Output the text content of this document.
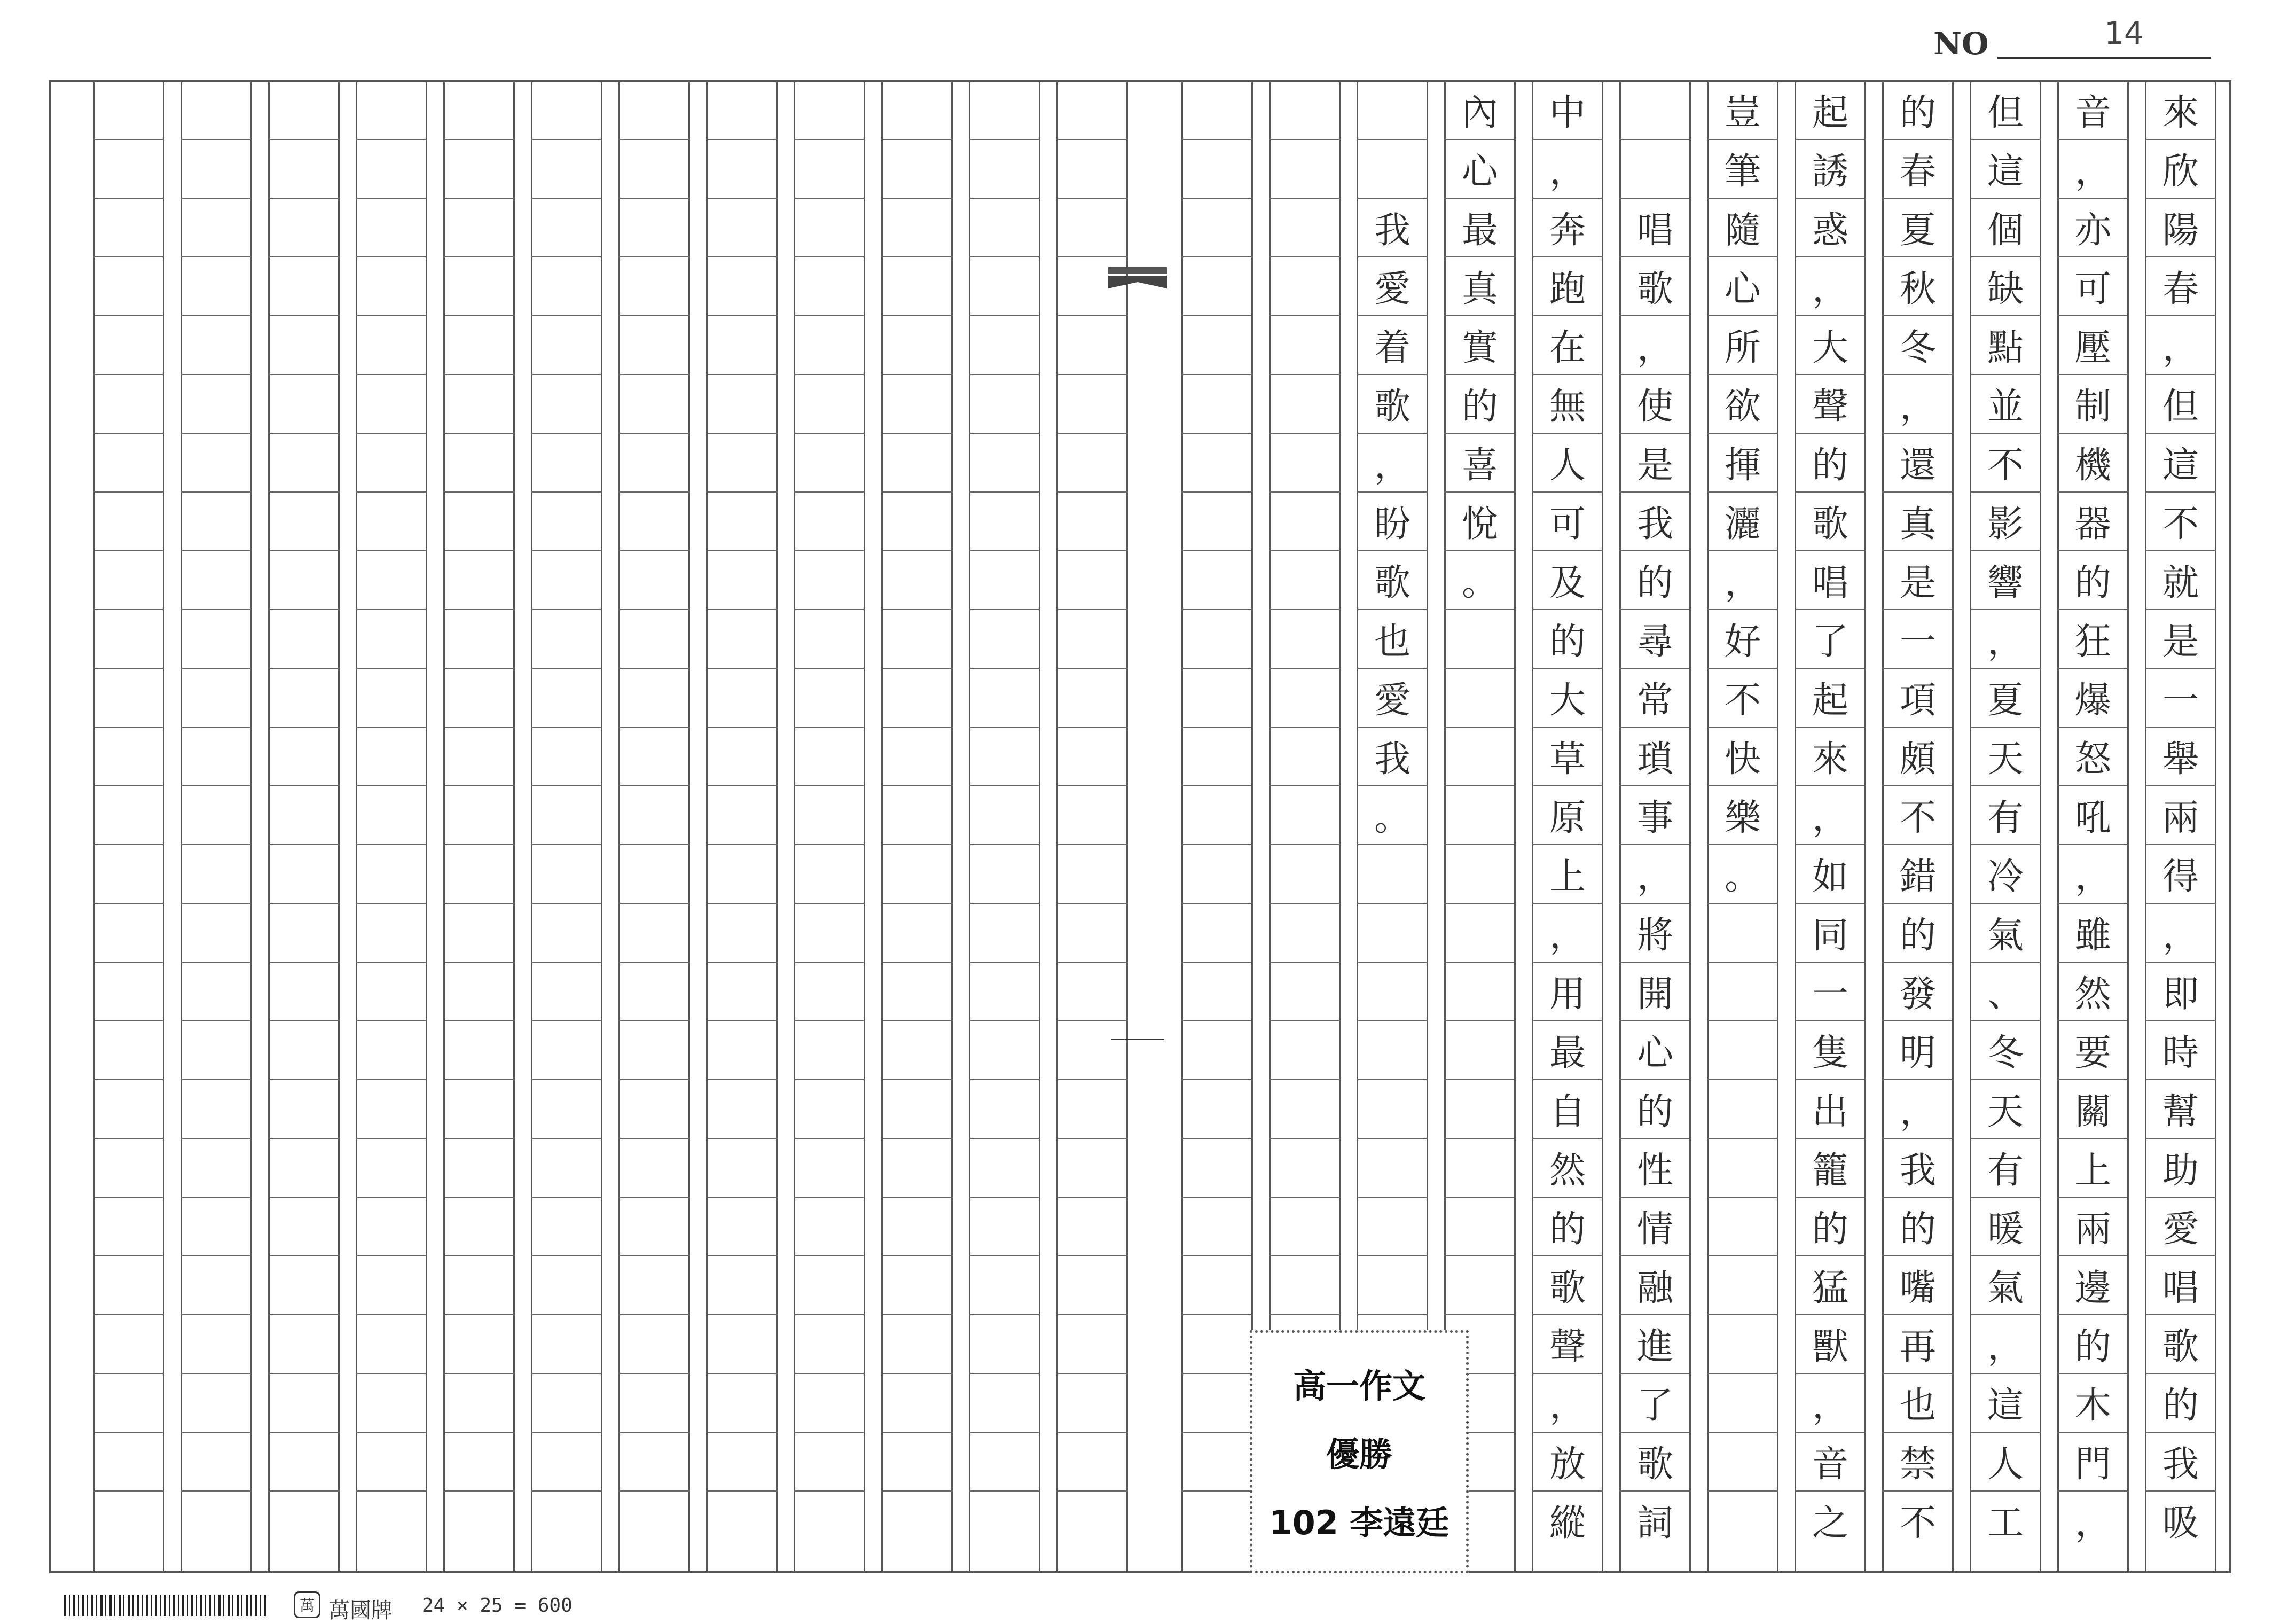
NO	14
來
欣
陽
春
，
但
這
不
就
是
一
舉
兩
得
，
即
時
幫
助
愛
唱
歌
的
我
吸
音
，
亦
可
壓
制
機
器
的
狂
爆
怒
吼
，
雖
然
要
關
上
兩
邊
的
木
門
，
但
這
個
缺
點
並
不
影
響
，
夏
天
有
冷
氣
、
冬
天
有
暖
氣
，
這
人
工
的
春
夏
秋
冬
，
還
真
是
一
項
頗
不
錯
的
發
明
，
我
的
嘴
再
也
禁
不
起
誘
惑
，
大
聲
的
歌
唱
了
起
來
，
如
同
一
隻
出
籠
的
猛
獸
，
音
之
豈
筆
隨
心
所
欲
揮
灑
，
好
不
快
樂
。
唱
歌
，
使
是
我
的
尋
常
瑣
事
，
將
開
心
的
性
情
融
進
了
歌
詞
中
，
奔
跑
在
無
人
可
及
的
大
草
原
上
，
用
最
自
然
的
歌
聲
，
放
縱
內
心
最
真
實
的
喜
悅
。
我
愛
着
歌
，
盼
歌
也
愛
我
。
高一作文
優勝
102 李遠廷
萬 萬國牌 24 × 25 = 600
